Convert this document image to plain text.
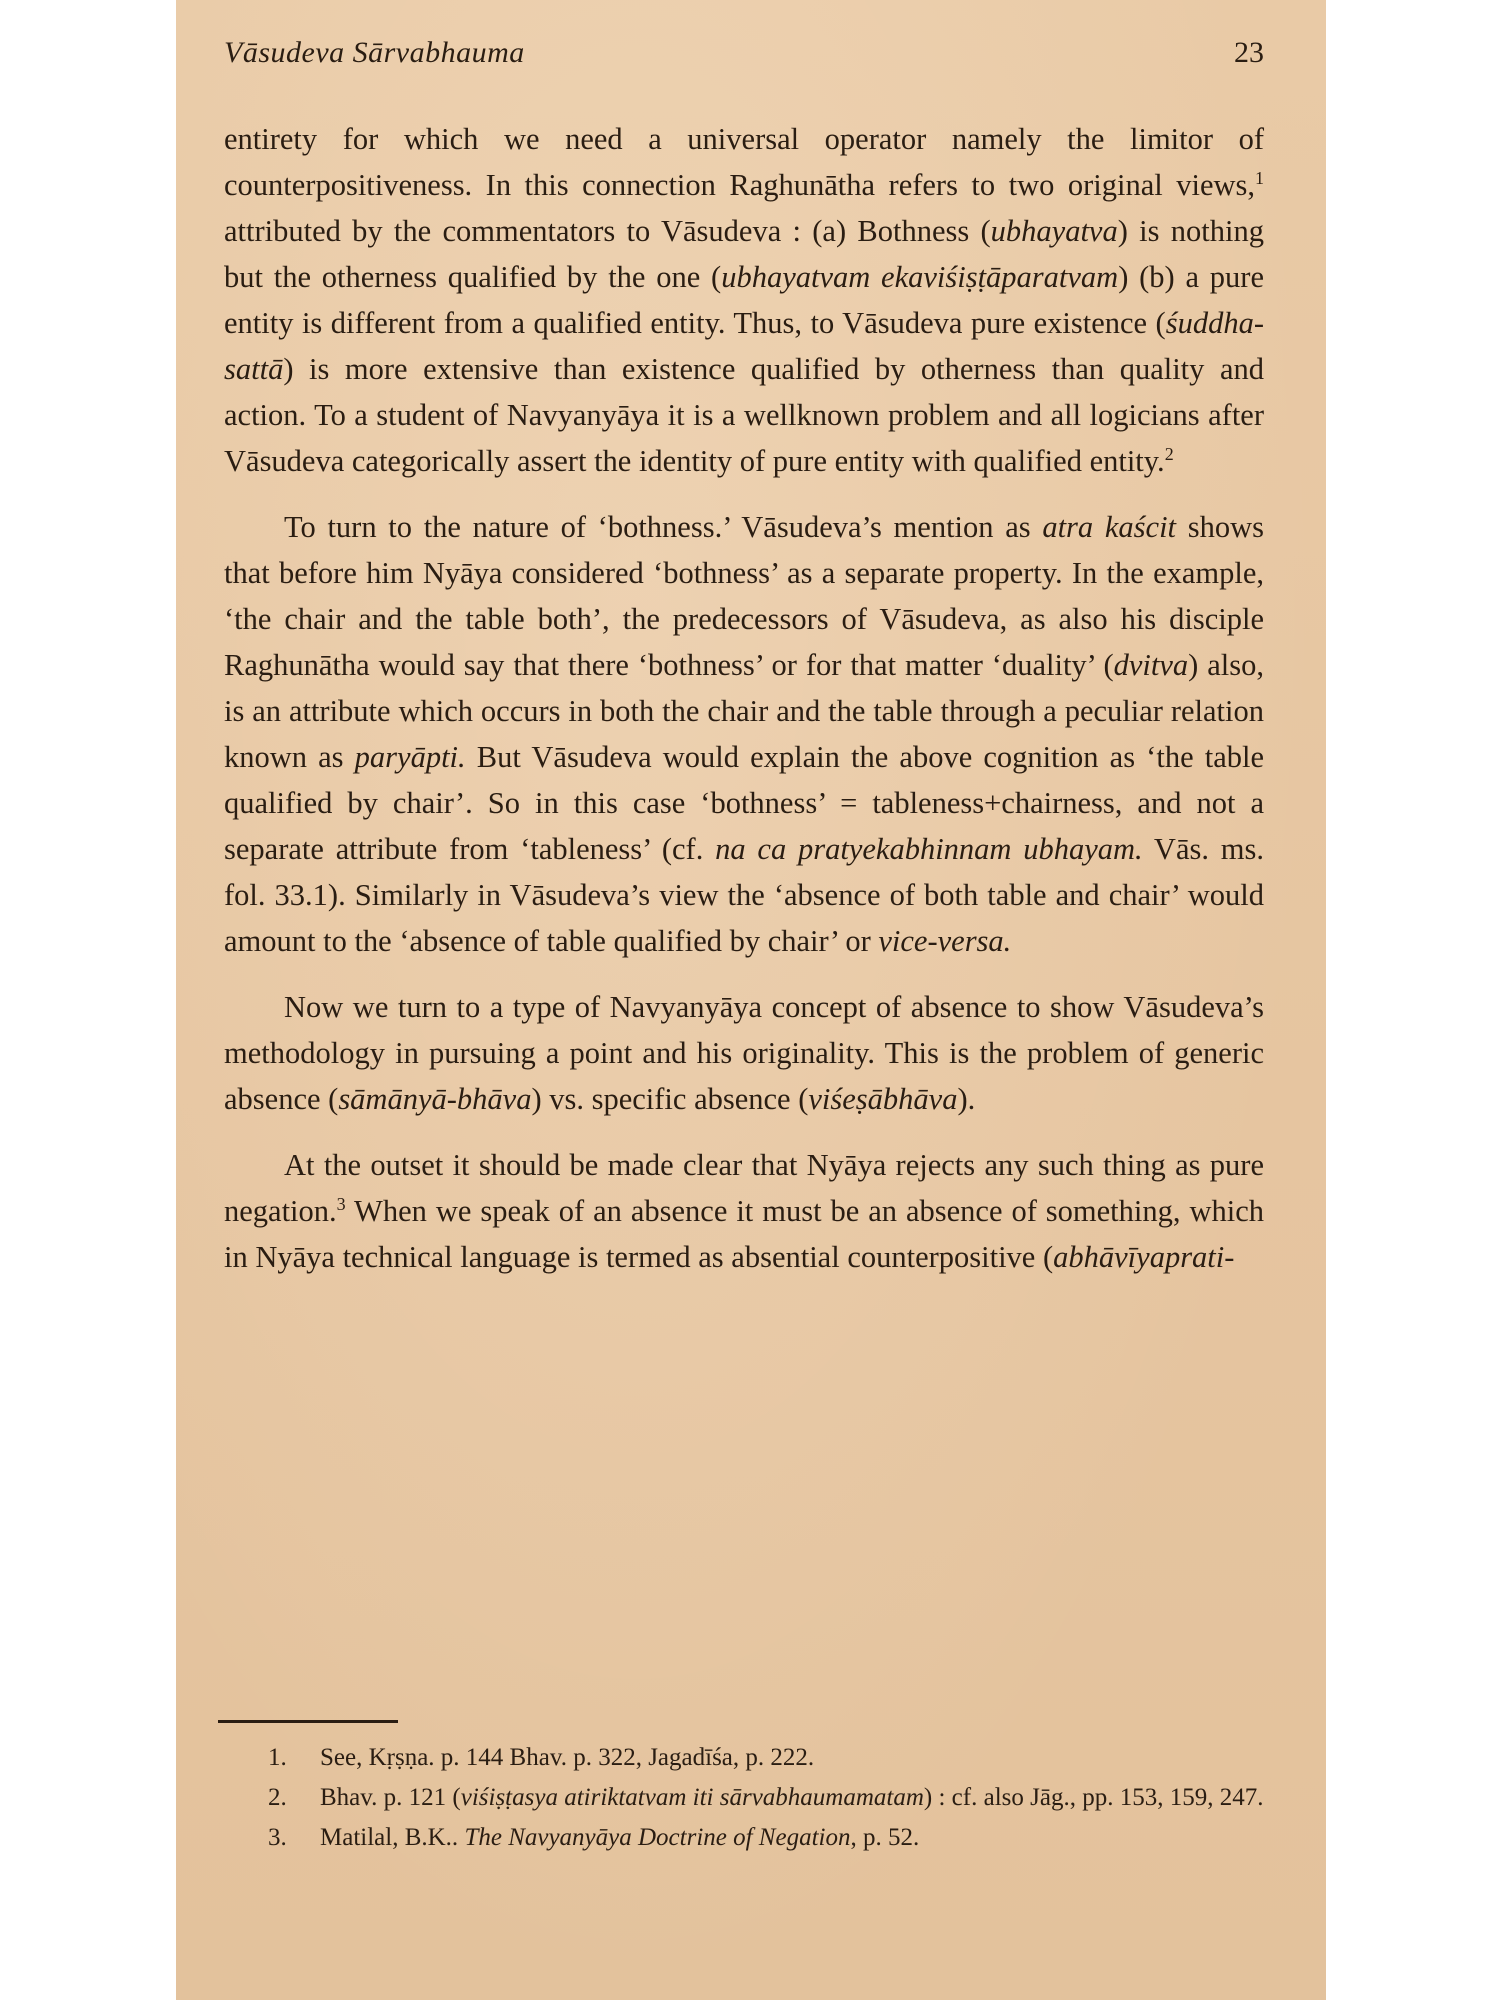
Vāsudeva Sārvabhauma	23

entirety for which we need a universal operator namely the limitor of counterpositiveness. In this connection Raghunātha refers to two original views,$^1$ attributed by the commentators to Vāsudeva : (a) Bothness (ubhayatva) is nothing but the otherness qualified by the one (ubhayatvam ekaviśiṣṭāparatvam) (b) a pure entity is different from a qualified entity. Thus, to Vāsudeva pure existence (śuddha-sattā) is more extensive than existence qualified by otherness than quality and action. To a student of Navyanyāya it is a wellknown problem and all logicians after Vāsudeva categorically assert the identity of pure entity with qualified entity.$^2$

To turn to the nature of ‘bothness.’ Vāsudeva’s mention as atra kaścit shows that before him Nyāya considered ‘bothness’ as a separate property. In the example, ‘the chair and the table both’, the predecessors of Vāsudeva, as also his disciple Raghunātha would say that there ‘bothness’ or for that matter ‘duality’ (dvitva) also, is an attribute which occurs in both the chair and the table through a peculiar relation known as paryāpti. But Vāsudeva would explain the above cognition as ‘the table qualified by chair’. So in this case ‘bothness’ = tableness+chairness, and not a separate attribute from ‘tableness’ (cf. na ca pratyekabhinnam ubhayam. Vās. ms. fol. 33.1). Similarly in Vāsudeva’s view the ‘absence of both table and chair’ would amount to the ‘absence of table qualified by chair’ or vice-versa.

Now we turn to a type of Navyanyāya concept of absence to show Vāsudeva’s methodology in pursuing a point and his originality. This is the problem of generic absence (sāmānyā-bhāva) vs. specific absence (viśeṣābhāva).

At the outset it should be made clear that Nyāya rejects any such thing as pure negation.$^3$ When we speak of an absence it must be an absence of something, which in Nyāya technical language is termed as absential counterpositive (abhāvīyaprati-

1.	See, Kṛṣṇa. p. 144 Bhav. p. 322, Jagadīśa, p. 222.
2.	Bhav. p. 121 (viśiṣṭasya atiriktatvam iti sārvabhaumamatam) : cf. also Jāg., pp. 153, 159, 247.
3.	Matilal, B.K.. The Navyanyāya Doctrine of Negation, p. 52.
